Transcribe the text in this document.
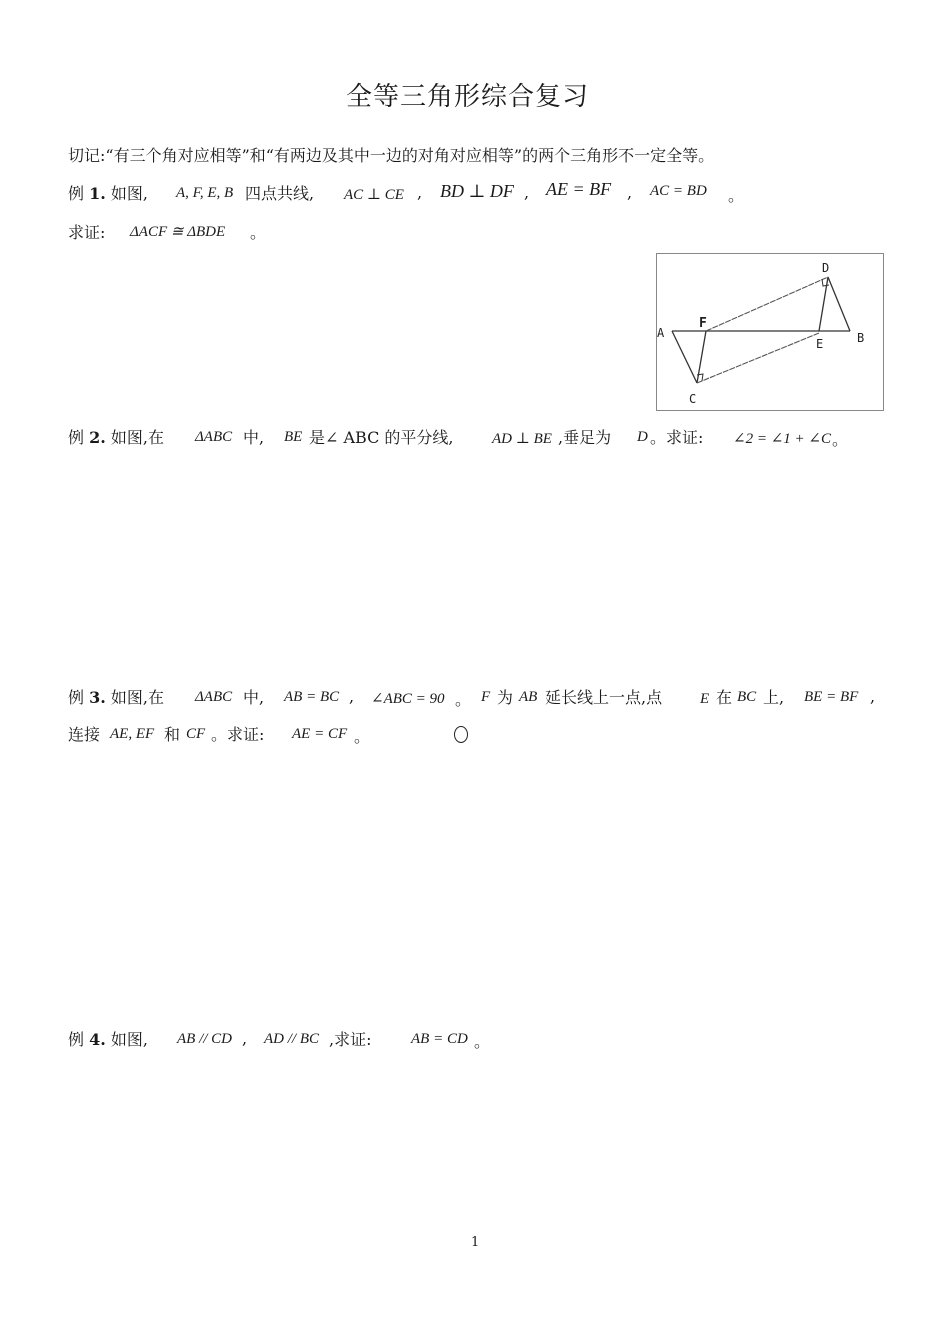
全等三角形综合复习
切记:“有三个角对应相等”和“有两边及其中一边的对角对应相等”的两个三角形不一定全等。
例 1. 如图, A, F, E, B 四点共线, AC ⊥ CE , BD ⊥ DF , AE = BF , AC = BD 。
求证: ΔACF ≅ ΔBDE 。
A
F
D
E	B
C
例 2. 如图,在 ΔABC 中, BE 是∠ ABC 的平分线,	AD ⊥ BE ,垂足为 D 。求证: ∠2 = ∠1 + ∠C 。
例 3. 如图,在 ΔABC 中, AB = BC , ∠ABC = 90 。 F 为 AB 延长线上一点,点	E 在 BC 上, BE = BF ,
连接 AE, EF 和 CF 。求证: AE = CF 。
例 4. 如图, AB // CD , AD // BC ,求证:	AB = CD 。
1
